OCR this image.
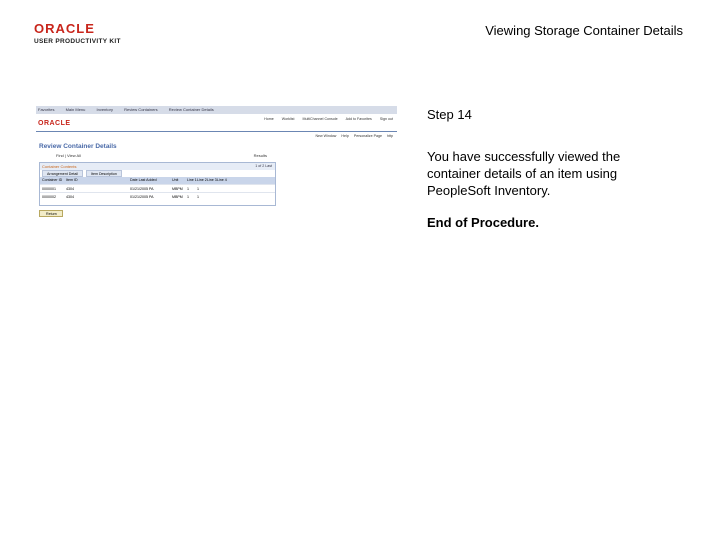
ORACLE
USER PRODUCTIVITY KIT
Viewing Storage Container Details
Favorites	Main Menu	Inventory	Review Containers	Review Container Details
ORACLE
Home Worklist MultiChannel Console Add to Favorites Sign out
New Window Help Personalize Page http
Review Container Details
Find | View All	Results
Container Contents	1 of 2 Last
Arrangement Detail	Item Description
Container ID Item ID	Date Last Added	Unit Line 1Line 2Line 3Line 4
0000001	4304	01/21/2005 PA	MBPM 1 1
0000002	4304	01/21/2005 PA	MBPM 1 1
Return
Step 14
You have successfully viewed the container details of an item using PeopleSoft Inventory.
End of Procedure.
